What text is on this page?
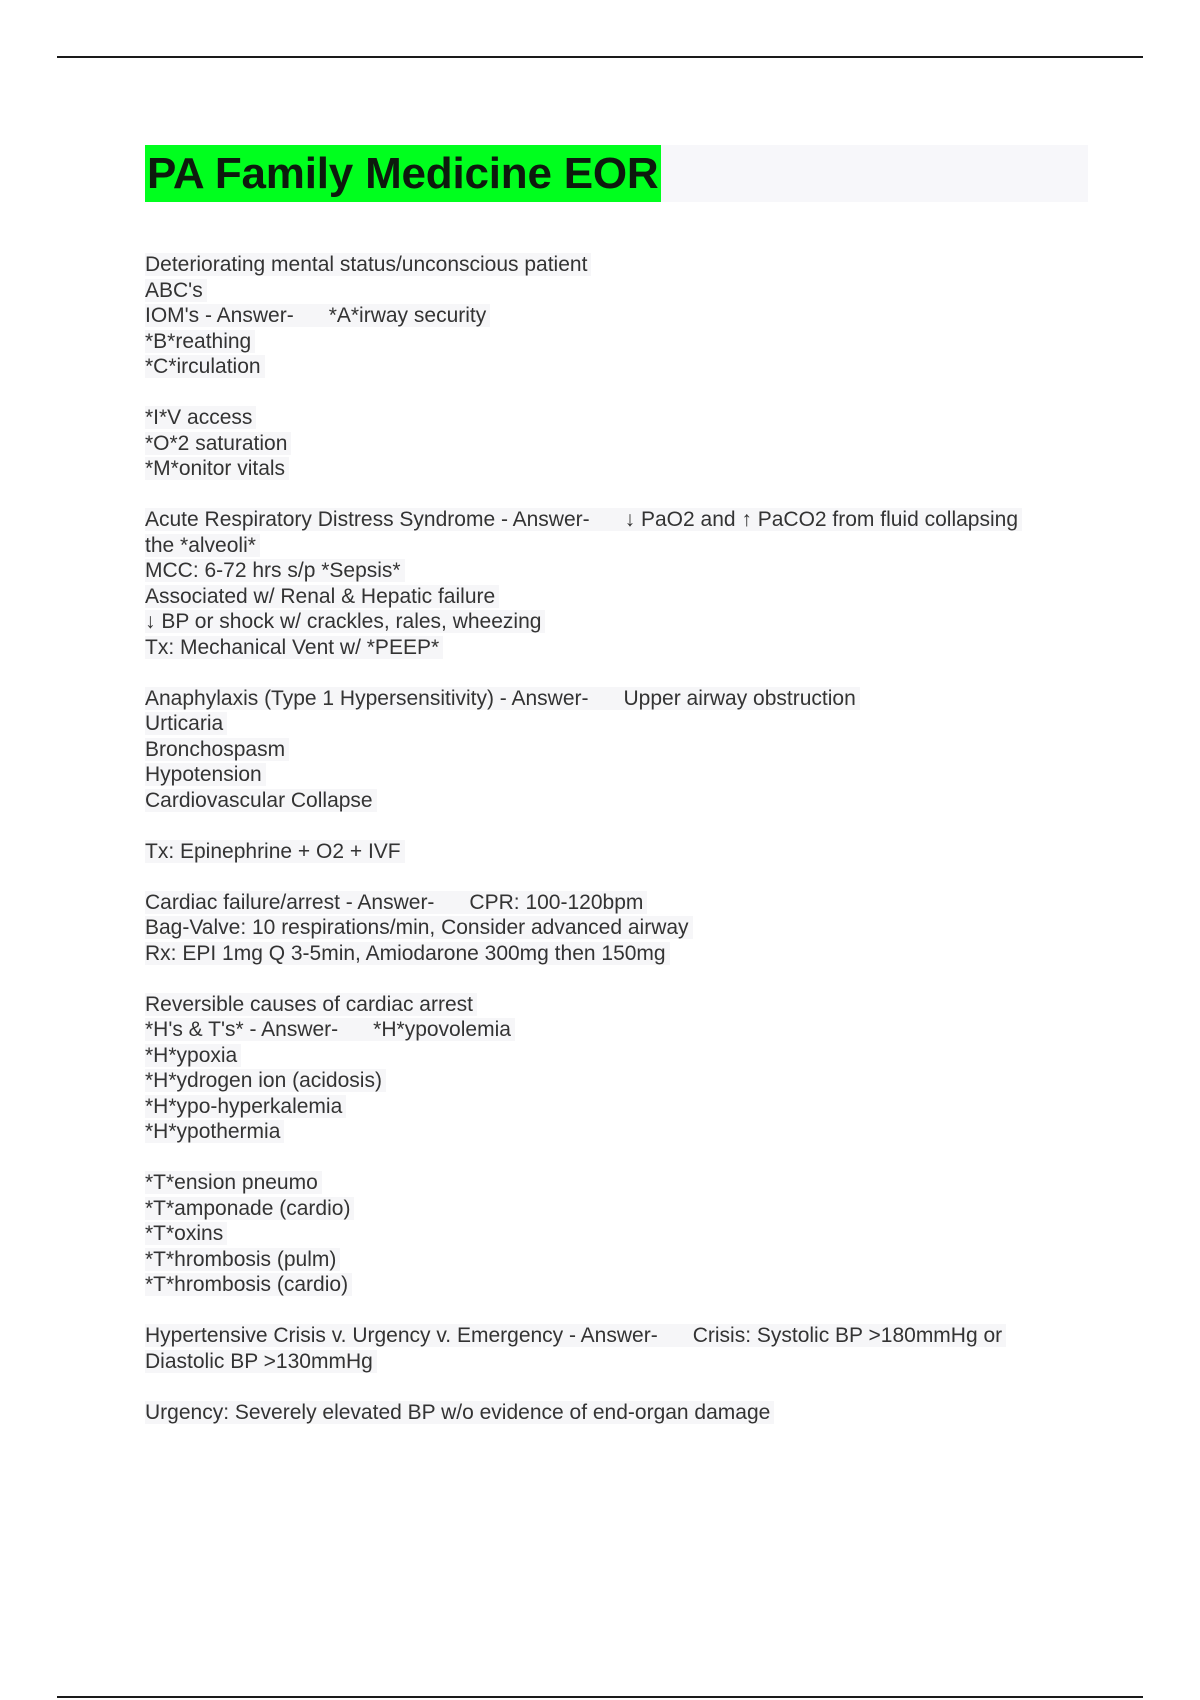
PA Family Medicine EOR
Deteriorating mental status/unconscious patient
ABC's
IOM's - Answer-      *A*irway security
*B*reathing
*C*irculation
*I*V access
*O*2 saturation
*M*onitor vitals
Acute Respiratory Distress Syndrome - Answer-      ↓ PaO2 and ↑ PaCO2 from fluid collapsing
the *alveoli*
MCC: 6-72 hrs s/p *Sepsis*
Associated w/ Renal & Hepatic failure
↓ BP or shock w/ crackles, rales, wheezing
Tx: Mechanical Vent w/ *PEEP*
Anaphylaxis (Type 1 Hypersensitivity) - Answer-      Upper airway obstruction
Urticaria
Bronchospasm
Hypotension
Cardiovascular Collapse
Tx: Epinephrine + O2 + IVF
Cardiac failure/arrest - Answer-      CPR: 100-120bpm
Bag-Valve: 10 respirations/min, Consider advanced airway
Rx: EPI 1mg Q 3-5min, Amiodarone 300mg then 150mg
Reversible causes of cardiac arrest
*H's & T's* - Answer-      *H*ypovolemia
*H*ypoxia
*H*ydrogen ion (acidosis)
*H*ypo-hyperkalemia
*H*ypothermia
*T*ension pneumo
*T*amponade (cardio)
*T*oxins
*T*hrombosis (pulm)
*T*hrombosis (cardio)
Hypertensive Crisis v. Urgency v. Emergency - Answer-      Crisis: Systolic BP >180mmHg or
Diastolic BP >130mmHg
Urgency: Severely elevated BP w/o evidence of end-organ damage
